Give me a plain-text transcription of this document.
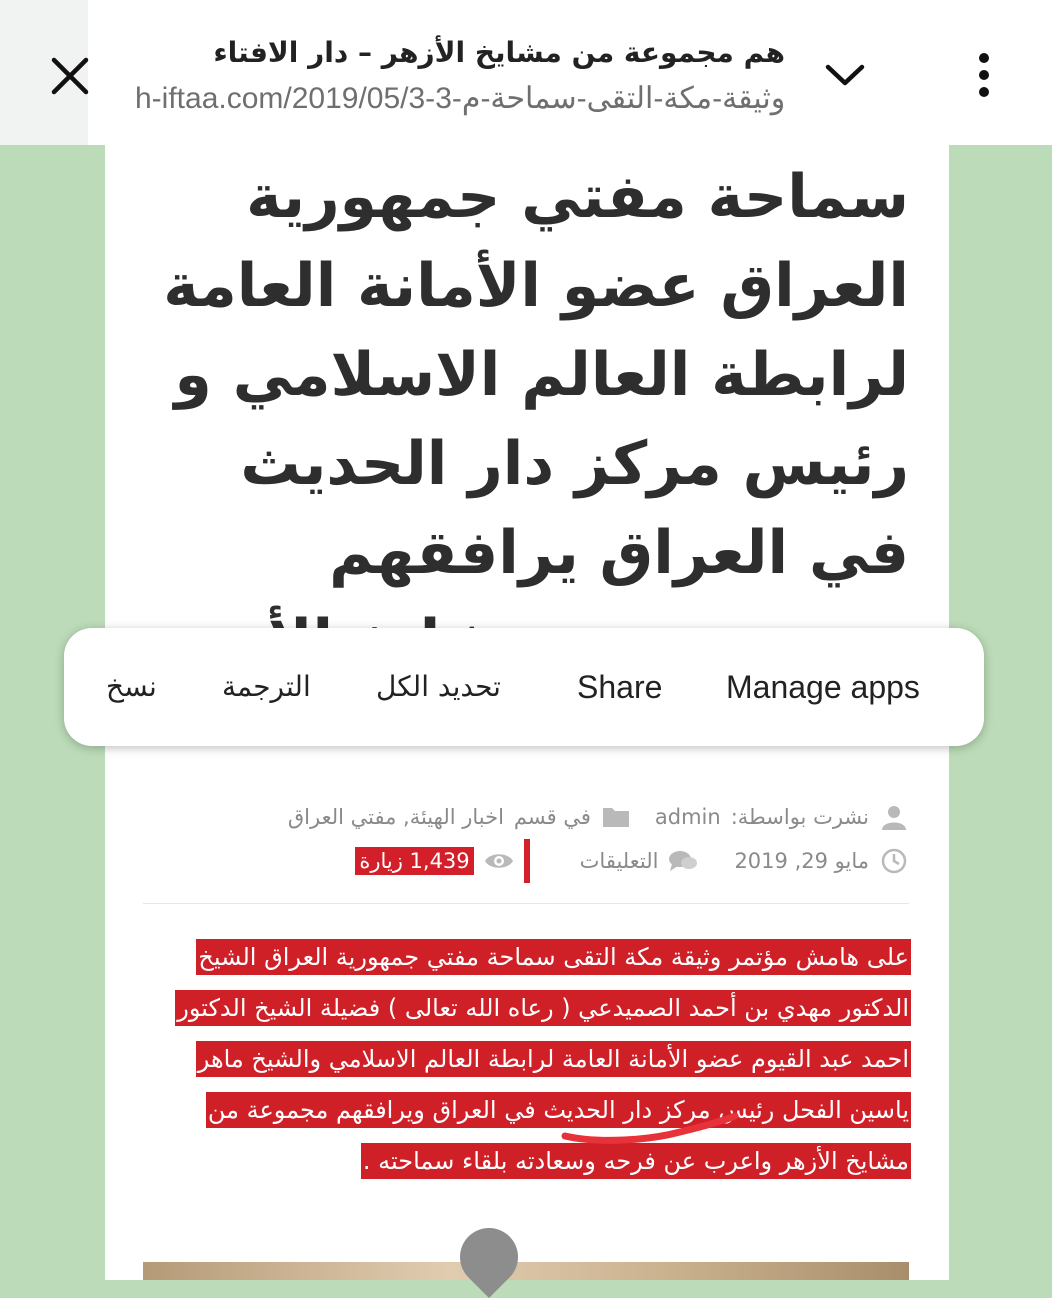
هم مجموعة من مشايخ الأزهر – دار الافتاء
h-iftaa.com/2019/05/3-وثيقة-مكة-التقى-سماحة-م-3
سماحة مفتي جمهورية العراق عضو الأمانة العامة لرابطة العالم الاسلامي و رئيس مركز دار الحديث في العراق يرافقهم
نشرت بواسطة:
admin
في قسم
اخبار الهيئة, مفتي العراق
مايو 29, 2019
التعليقات
1,439 زيارة
على هامش مؤتمر وثيقة مكة التقى سماحة مفتي جمهورية العراق الشيخ الدكتور مهدي بن أحمد الصميدعي ( رعاه الله تعالى ) فضيلة الشيخ الدكتور احمد عبد القيوم عضو الأمانة العامة لرابطة العالم الاسلامي والشيخ ماهر ياسين الفحل رئيس مركز دار الحديث في العراق ويرافقهم مجموعة من مشايخ الأزهر واعرب عن فرحه وسعادته بلقاء سماحته .
Manage apps
Share
تحديد الكل
الترجمة
نسخ
